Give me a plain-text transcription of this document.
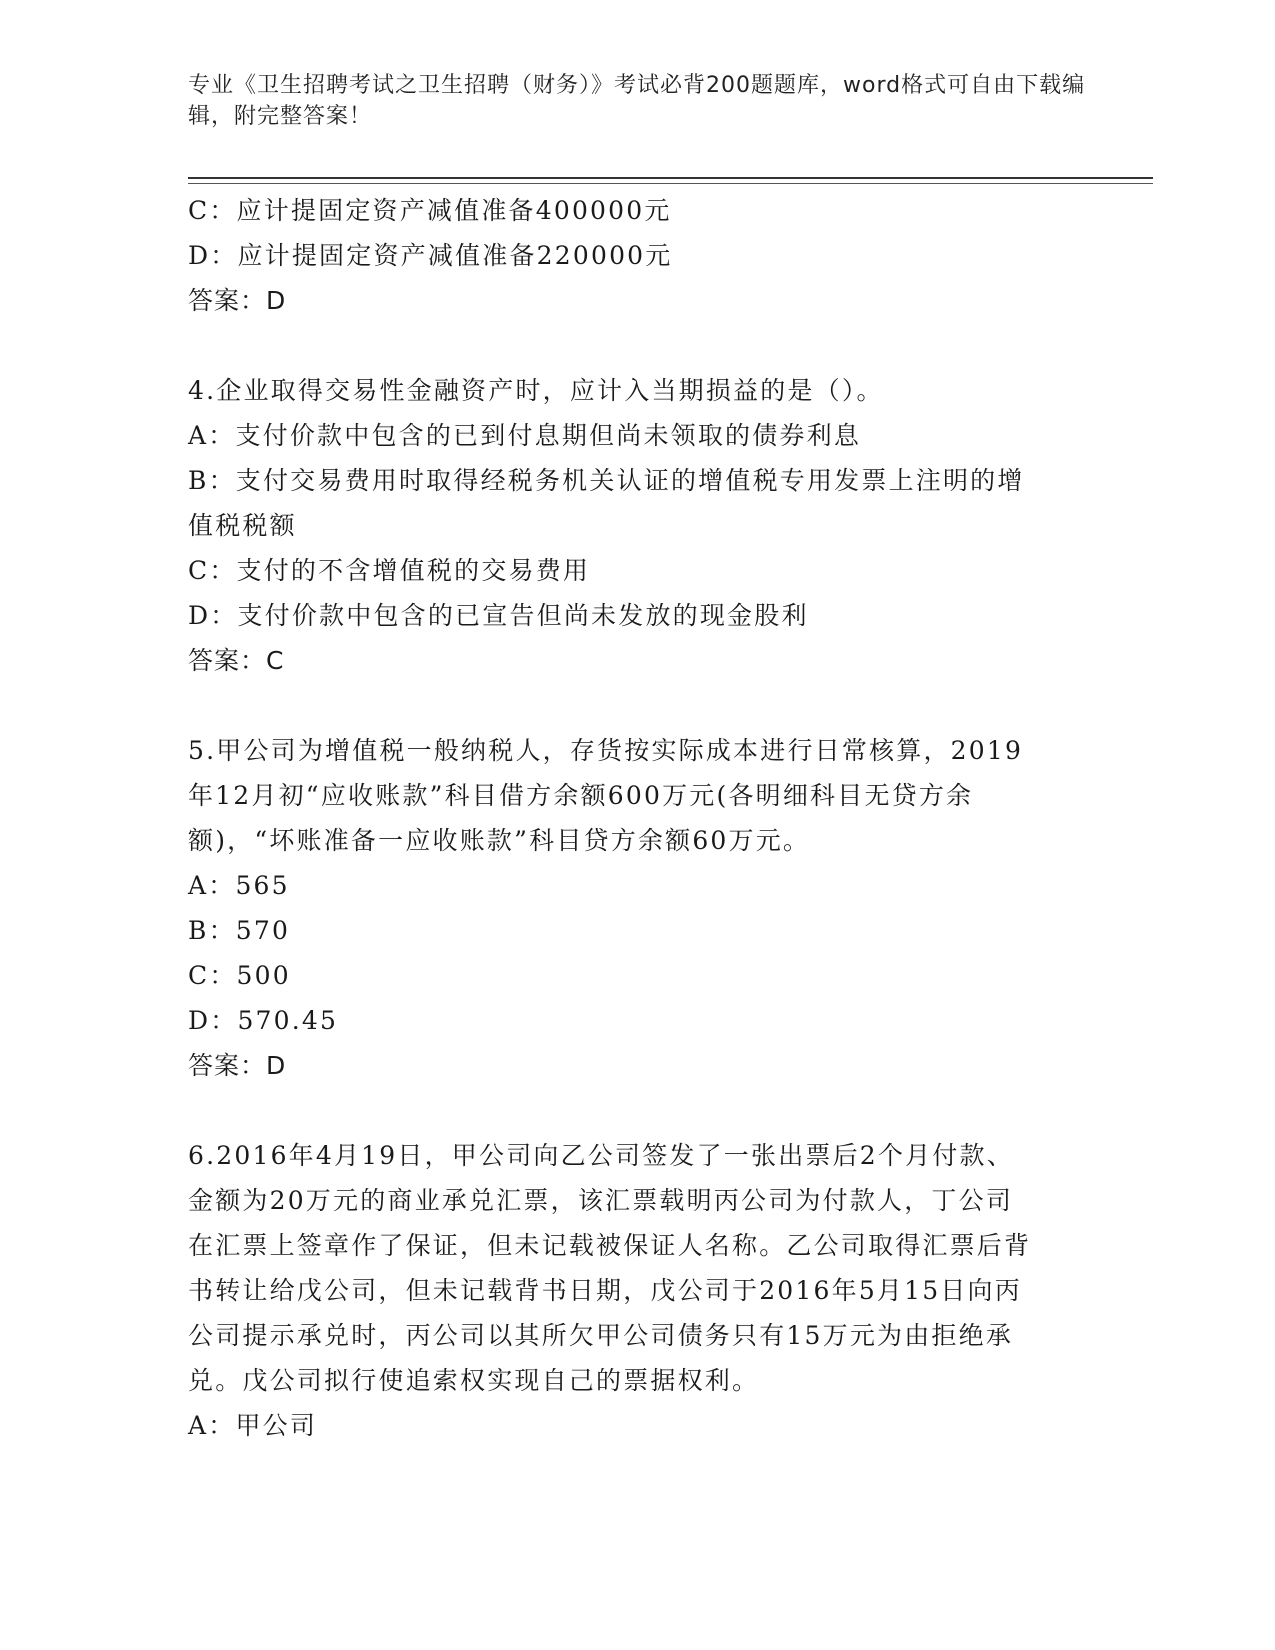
专业《卫生招聘考试之卫生招聘（财务）》考试必背200题题库，word格式可自由下载编辑，附完整答案！
C：应计提固定资产减值准备400000元
D：应计提固定资产减值准备220000元
答案：D
4.企业取得交易性金融资产时，应计入当期损益的是（）。
A：支付价款中包含的已到付息期但尚未领取的债券利息
B：支付交易费用时取得经税务机关认证的增值税专用发票上注明的增值税税额
C：支付的不含增值税的交易费用
D：支付价款中包含的已宣告但尚未发放的现金股利
答案：C
5.甲公司为增值税一般纳税人，存货按实际成本进行日常核算，2019年12月初“应收账款”科目借方余额600万元(各明细科目无贷方余额)，“坏账准备一应收账款”科目贷方余额60万元。
A：565
B：570
C：500
D：570.45
答案：D
6.2016年4月19日，甲公司向乙公司签发了一张出票后2个月付款、金额为20万元的商业承兑汇票，该汇票载明丙公司为付款人，丁公司在汇票上签章作了保证，但未记载被保证人名称。乙公司取得汇票后背书转让给戊公司，但未记载背书日期，戊公司于2016年5月15日向丙公司提示承兑时，丙公司以其所欠甲公司债务只有15万元为由拒绝承兑。戊公司拟行使追索权实现自己的票据权利。
A：甲公司
